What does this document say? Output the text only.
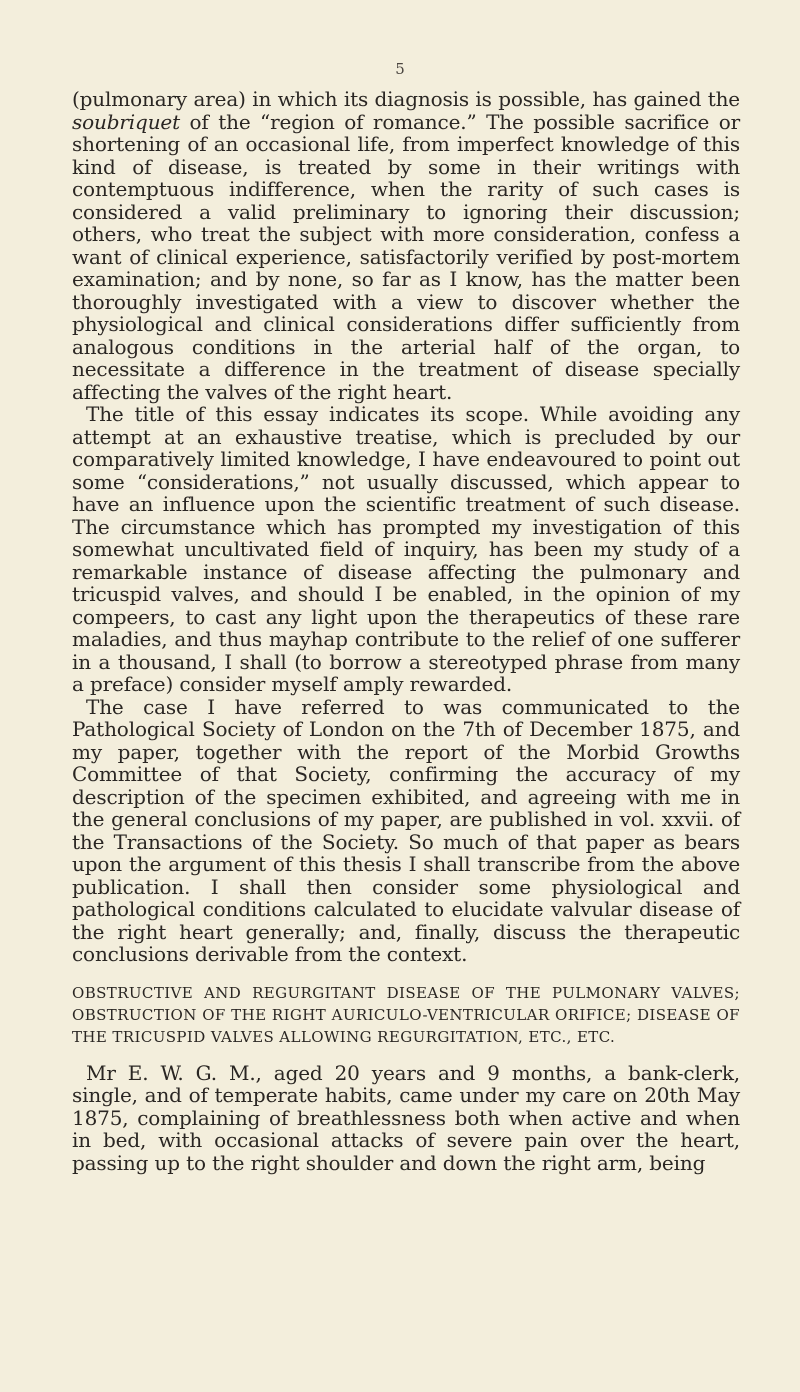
5

(pulmonary area) in which its diagnosis is possible, has gained the soubriquet of the “region of romance.” The possible sacrifice or shortening of an occasional life, from imperfect knowledge of this kind of disease, is treated by some in their writings with contemptuous indifference, when the rarity of such cases is considered a valid preliminary to ignoring their discussion; others, who treat the subject with more consideration, confess a want of clinical experience, satisfactorily verified by post-mortem examination; and by none, so far as I know, has the matter been thoroughly investigated with a view to discover whether the physiological and clinical considerations differ sufficiently from analogous conditions in the arterial half of the organ, to necessitate a difference in the treatment of disease specially affecting the valves of the right heart.

The title of this essay indicates its scope. While avoiding any attempt at an exhaustive treatise, which is precluded by our comparatively limited knowledge, I have endeavoured to point out some “considerations,” not usually discussed, which appear to have an influence upon the scientific treatment of such disease. The circumstance which has prompted my investigation of this somewhat uncultivated field of inquiry, has been my study of a remarkable instance of disease affecting the pulmonary and tricuspid valves, and should I be enabled, in the opinion of my compeers, to cast any light upon the therapeutics of these rare maladies, and thus mayhap contribute to the relief of one sufferer in a thousand, I shall (to borrow a stereotyped phrase from many a preface) consider myself amply rewarded.

The case I have referred to was communicated to the Pathological Society of London on the 7th of December 1875, and my paper, together with the report of the Morbid Growths Committee of that Society, confirming the accuracy of my description of the specimen exhibited, and agreeing with me in the general conclusions of my paper, are published in vol. xxvii. of the Transactions of the Society. So much of that paper as bears upon the argument of this thesis I shall transcribe from the above publication. I shall then consider some physiological and pathological conditions calculated to elucidate valvular disease of the right heart generally; and, finally, discuss the therapeutic conclusions derivable from the context.

OBSTRUCTIVE AND REGURGITANT DISEASE OF THE PULMONARY VALVES; OBSTRUCTION OF THE RIGHT AURICULO-VENTRICULAR ORIFICE; DISEASE OF THE TRICUSPID VALVES ALLOWING REGURGITATION, ETC., ETC.

Mr E. W. G. M., aged 20 years and 9 months, a bank-clerk, single, and of temperate habits, came under my care on 20th May 1875, complaining of breathlessness both when active and when in bed, with occasional attacks of severe pain over the heart, passing up to the right shoulder and down the right arm, being
